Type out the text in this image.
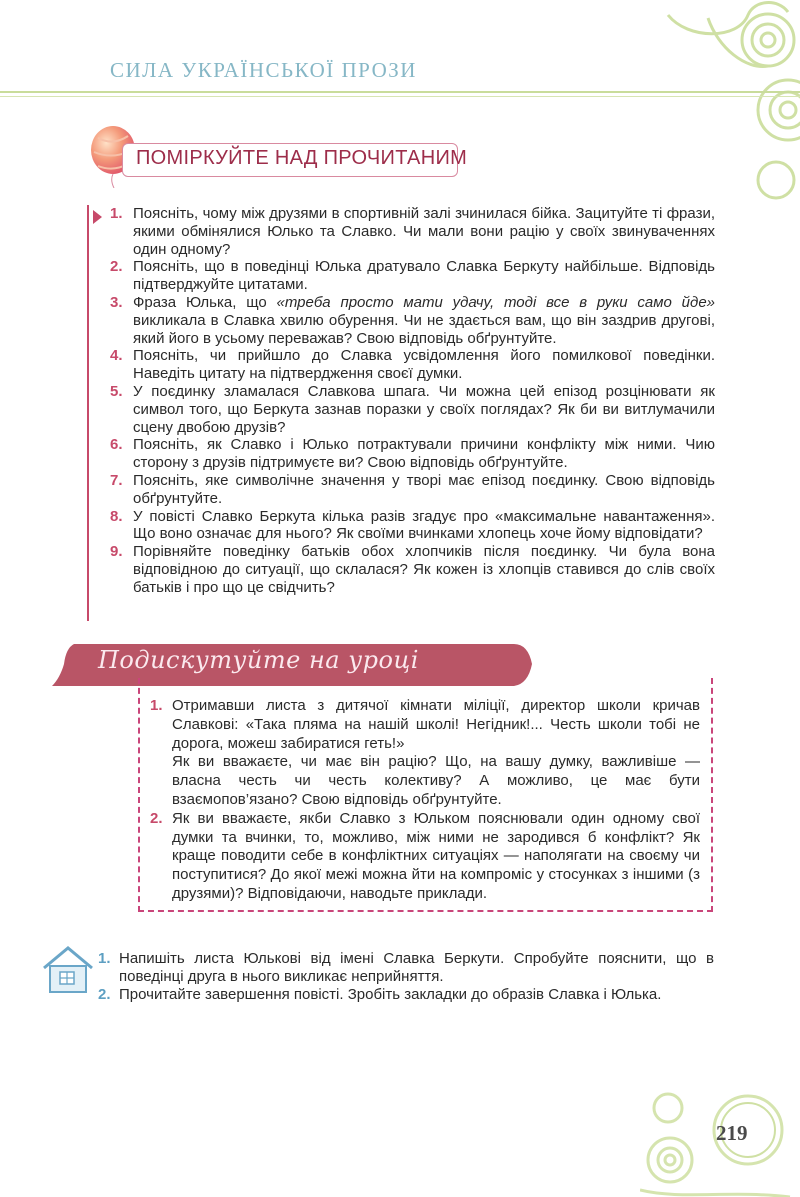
СИЛА УКРАЇНСЬКОЇ ПРОЗИ
ПОМІРКУЙТЕ НАД ПРОЧИТАНИМ
1. Поясніть, чому між друзями в спортивній залі зчинилася бійка. Зацитуйте ті фрази, якими обмінялися Юлько та Славко. Чи мали вони рацію у своїх звинуваченнях один одному?
2. Поясніть, що в поведінці Юлька дратувало Славка Беркуту найбільше. Відповідь підтверджуйте цитатами.
3. Фраза Юлька, що «треба просто мати удачу, тоді все в руки само йде» викликала в Славка хвилю обурення. Чи не здається вам, що він заздрив другові, який його в усьому переважав? Свою відповідь обґрунтуйте.
4. Поясніть, чи прийшло до Славка усвідомлення його помилкової поведінки. Наведіть цитату на підтвердження своєї думки.
5. У поєдинку зламалася Славкова шпага. Чи можна цей епізод розцінювати як символ того, що Беркута зазнав поразки у своїх поглядах? Як би ви витлумачили сцену двобою друзів?
6. Поясніть, як Славко і Юлько потрактували причини конфлікту між ними. Чию сторону з друзів підтримуєте ви? Свою відповідь обґрунтуйте.
7. Поясніть, яке символічне значення у творі має епізод поєдинку. Свою відповідь обґрунтуйте.
8. У повісті Славко Беркута кілька разів згадує про «максимальне навантаження». Що воно означає для нього? Як своїми вчинками хлопець хоче йому відповідати?
9. Порівняйте поведінку батьків обох хлопчиків після поєдинку. Чи була вона відповідною до ситуації, що склалася? Як кожен із хлопців ставився до слів своїх батьків і про що це свідчить?
Подискутуйте на уроці
1. Отримавши листа з дитячої кімнати міліції, директор школи кричав Славкові: «Така пляма на нашій школі! Негідник!... Честь школи тобі не дорога, можеш забиратися геть!»
Як ви вважаєте, чи має він рацію? Що, на вашу думку, важливіше — власна честь чи честь колективу? А можливо, це має бути взаємопов’язано? Свою відповідь обґрунтуйте.
2. Як ви вважаєте, якби Славко з Юльком пояснювали один одному свої думки та вчинки, то, можливо, між ними не зародився б конфлікт? Як краще поводити себе в конфліктних ситуаціях — наполягати на своєму чи поступитися? До якої межі можна йти на компроміс у стосунках з іншими (з друзями)? Відповідаючи, наводьте приклади.
1. Напишіть листа Юльковi від імені Славка Беркути. Спробуйте пояснити, що в поведінці друга в нього викликає неприйняття.
2. Прочитайте завершення повісті. Зробіть закладки до образів Славка і Юлька.
219
